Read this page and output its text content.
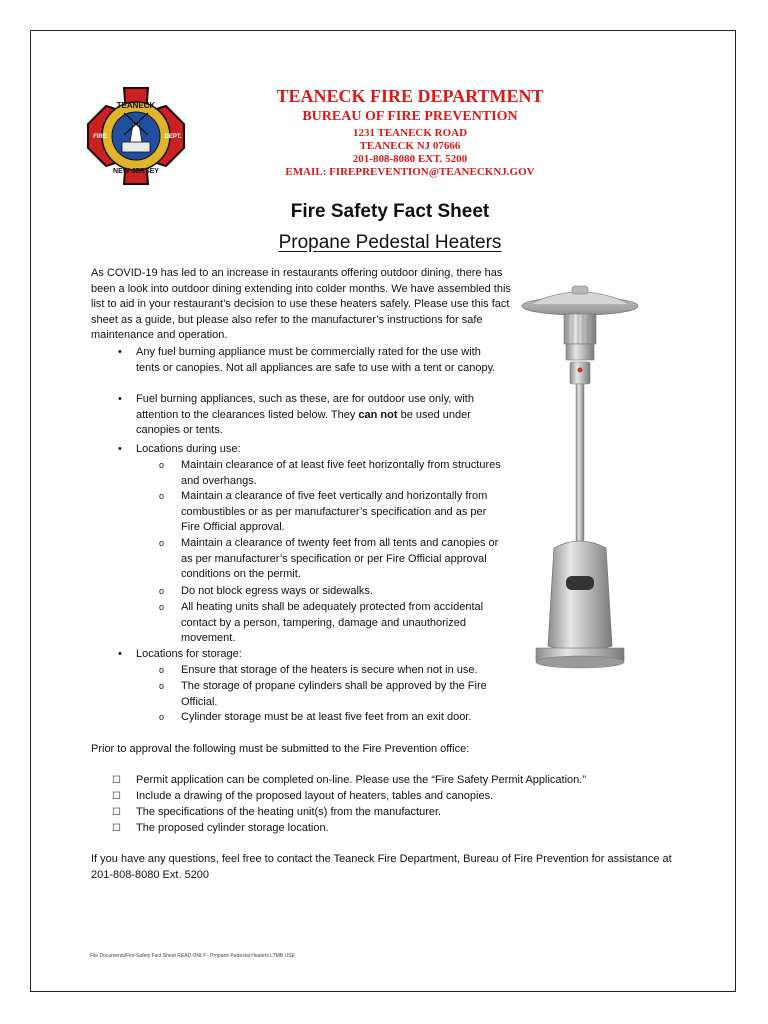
TEANECK
NEW JERSEY
FIRE	DEPT.
TEANECK FIRE DEPARTMENT
BUREAU OF FIRE PREVENTION
1231 TEANECK ROAD
TEANECK NJ 07666
201-808-8080 EXT. 5200
EMAIL: FIREPREVENTION@TEANECKNJ.GOV
Fire Safety Fact Sheet
Propane Pedestal Heaters
As COVID-19 has led to an increase in restaurants offering outdoor dining, there has been a look into outdoor dining extending into colder months. We have assembled this list to aid in your restaurant’s decision to use these heaters safely. Please use this fact sheet as a guide, but please also refer to the manufacturer’s instructions for safe maintenance and operation.
• Any fuel burning appliance must be commercially rated for the use with tents or canopies. Not all appliances are safe to use with a tent or canopy.
• Fuel burning appliances, such as these, are for outdoor use only, with attention to the clearances listed below. They can not be used under canopies or tents.
• Locations during use:
o Maintain clearance of at least five feet horizontally from structures and overhangs.
o Maintain a clearance of five feet vertically and horizontally from combustibles or as per manufacturer’s specification and as per Fire Official approval.
o Maintain a clearance of twenty feet from all tents and canopies or as per manufacturer’s specification or per Fire Official approval conditions on the permit.
o Do not block egress ways or sidewalks.
o All heating units shall be adequately protected from accidental contact by a person, tampering, damage and unauthorized movement.
• Locations for storage:
o Ensure that storage of the heaters is secure when not in use.
o The storage of propane cylinders shall be approved by the Fire Official.
o Cylinder storage must be at least five feet from an exit door.
Prior to approval the following must be submitted to the Fire Prevention office:
☐ Permit application can be completed on-line. Please use the “Fire Safety Permit Application.”
☐ Include a drawing of the proposed layout of heaters, tables and canopies.
☐ The specifications of the heating unit(s) from the manufacturer.
☐ The proposed cylinder storage location.
If you have any questions, feel free to contact the Teaneck Fire Department, Bureau of Fire Prevention for assistance at 201-808-8080 Ext. 5200
File Documents/Fire Safety Fact Sheet READ ONLY - Propane Pedestal Heaters LTMB USE
